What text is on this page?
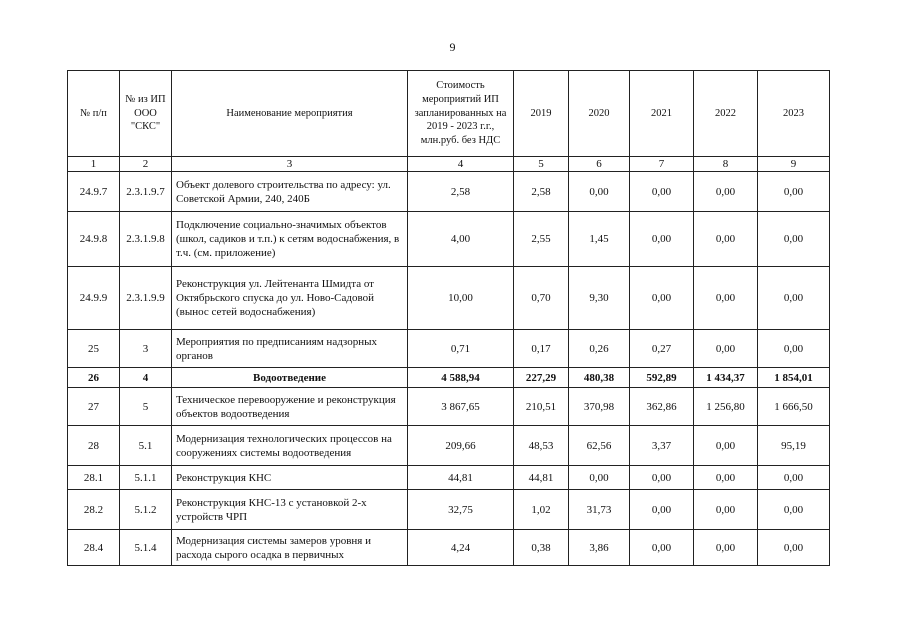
9
№ п/п	№ из ИП ООО "СКС"	Наименование мероприятия	Стоимость мероприятий ИП запланированных на 2019 - 2023 г.г., млн.руб. без НДС	2019	2020	2021	2022	2023
1	2	3	4	5	6	7	8	9
24.9.7	2.3.1.9.7	Объект долевого строительства по адресу: ул. Советской Армии, 240, 240Б	2,58	2,58	0,00	0,00	0,00	0,00
24.9.8	2.3.1.9.8	Подключение социально-значимых объектов (школ, садиков и т.п.) к сетям водоснабжения, в т.ч. (см. приложение)	4,00	2,55	1,45	0,00	0,00	0,00
24.9.9	2.3.1.9.9	Реконструкция ул. Лейтенанта Шмидта от Октябрьского спуска до ул. Ново-Садовой (вынос сетей водоснабжения)	10,00	0,70	9,30	0,00	0,00	0,00
25	3	Мероприятия по предписаниям надзорных органов	0,71	0,17	0,26	0,27	0,00	0,00
26	4	Водоотведение	4 588,94	227,29	480,38	592,89	1 434,37	1 854,01
27	5	Техническое перевооружение и реконструкция объектов водоотведения	3 867,65	210,51	370,98	362,86	1 256,80	1 666,50
28	5.1	Модернизация технологических процессов на сооружениях системы водоотведения	209,66	48,53	62,56	3,37	0,00	95,19
28.1	5.1.1	Реконструкция КНС	44,81	44,81	0,00	0,00	0,00	0,00
28.2	5.1.2	Реконструкция КНС-13 с установкой 2-х устройств ЧРП	32,75	1,02	31,73	0,00	0,00	0,00
28.4	5.1.4	Модернизация системы замеров уровня и расхода сырого осадка в первичных	4,24	0,38	3,86	0,00	0,00	0,00
